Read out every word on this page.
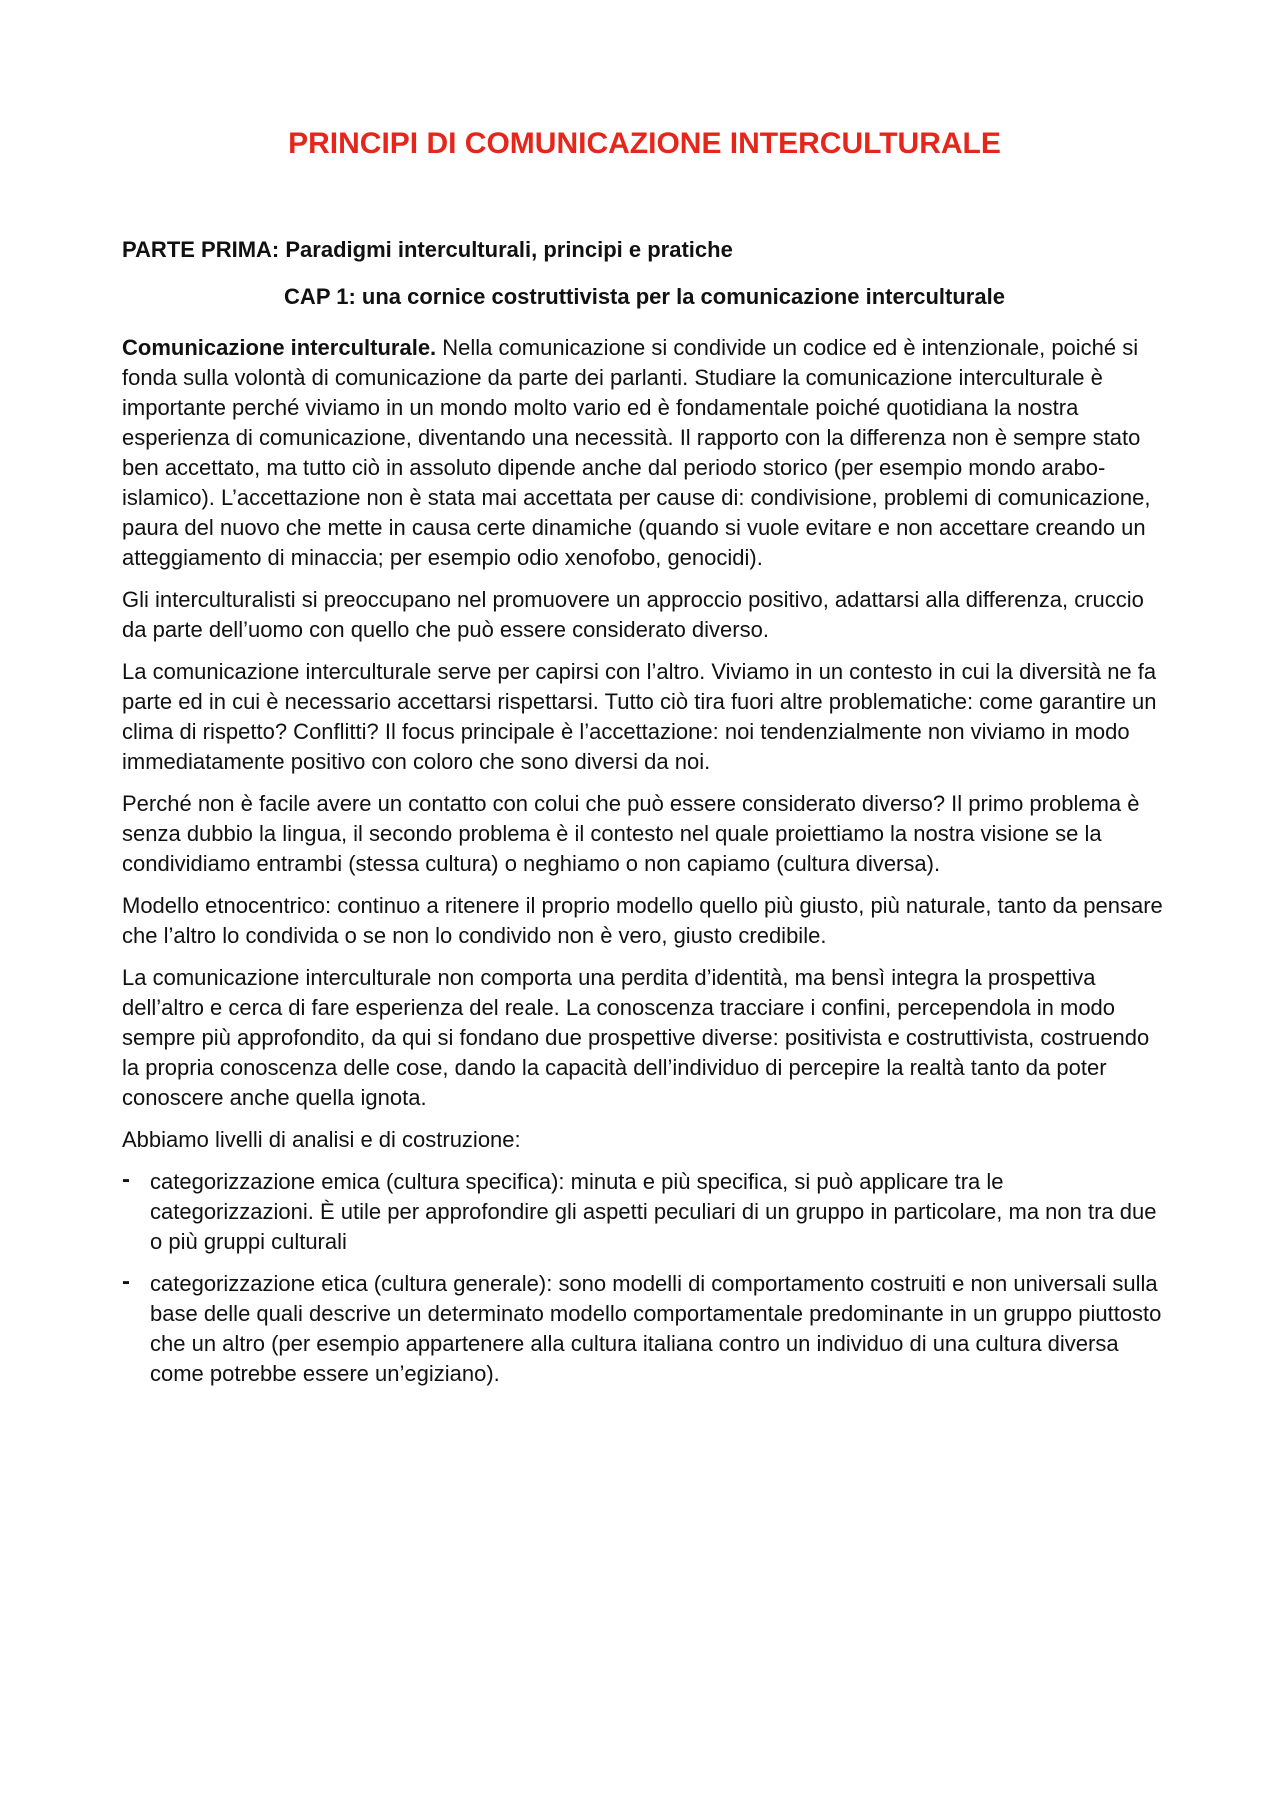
PRINCIPI DI COMUNICAZIONE INTERCULTURALE
PARTE PRIMA: Paradigmi interculturali, principi e pratiche
CAP 1: una cornice costruttivista per la comunicazione interculturale

Comunicazione interculturale. Nella comunicazione si condivide un codice ed è intenzionale, poiché si fonda sulla volontà di comunicazione da parte dei parlanti. Studiare la comunicazione interculturale è importante perché viviamo in un mondo molto vario ed è fondamentale poiché quotidiana la nostra esperienza di comunicazione, diventando una necessità. Il rapporto con la differenza non è sempre stato ben accettato, ma tutto ciò in assoluto dipende anche dal periodo storico (per esempio mondo arabo-islamico). L’accettazione non è stata mai accettata per cause di: condivisione, problemi di comunicazione, paura del nuovo che mette in causa certe dinamiche (quando si vuole evitare e non accettare creando un atteggiamento di minaccia; per esempio odio xenofobo, genocidi).

Gli interculturalisti si preoccupano nel promuovere un approccio positivo, adattarsi alla differenza, cruccio da parte dell’uomo con quello che può essere considerato diverso.

La comunicazione interculturale serve per capirsi con l’altro. Viviamo in un contesto in cui la diversità ne fa parte ed in cui è necessario accettarsi rispettarsi. Tutto ciò tira fuori altre problematiche: come garantire un clima di rispetto? Conflitti? Il focus principale è l’accettazione: noi tendenzialmente non viviamo in modo immediatamente positivo con coloro che sono diversi da noi.

Perché non è facile avere un contatto con colui che può essere considerato diverso? Il primo problema è senza dubbio la lingua, il secondo problema è il contesto nel quale proiettiamo la nostra visione se la condividiamo entrambi (stessa cultura) o neghiamo o non capiamo (cultura diversa).

Modello etnocentrico: continuo a ritenere il proprio modello quello più giusto, più naturale, tanto da pensare che l’altro lo condivida o se non lo condivido non è vero, giusto credibile.

La comunicazione interculturale non comporta una perdita d’identità, ma bensì integra la prospettiva dell’altro e cerca di fare esperienza del reale. La conoscenza tracciare i confini, percependola in modo sempre più approfondito, da qui si fondano due prospettive diverse: positivista e costruttivista, costruendo la propria conoscenza delle cose, dando la capacità dell’individuo di percepire la realtà tanto da poter conoscere anche quella ignota.

Abbiamo livelli di analisi e di costruzione:

- categorizzazione emica (cultura specifica): minuta e più specifica, si può applicare tra le categorizzazioni. È utile per approfondire gli aspetti peculiari di un gruppo in particolare, ma non tra due o più gruppi culturali
- categorizzazione etica (cultura generale): sono modelli di comportamento costruiti e non universali sulla base delle quali descrive un determinato modello comportamentale predominante in un gruppo piuttosto che un altro (per esempio appartenere alla cultura italiana contro un individuo di una cultura diversa come potrebbe essere un’egiziano).
